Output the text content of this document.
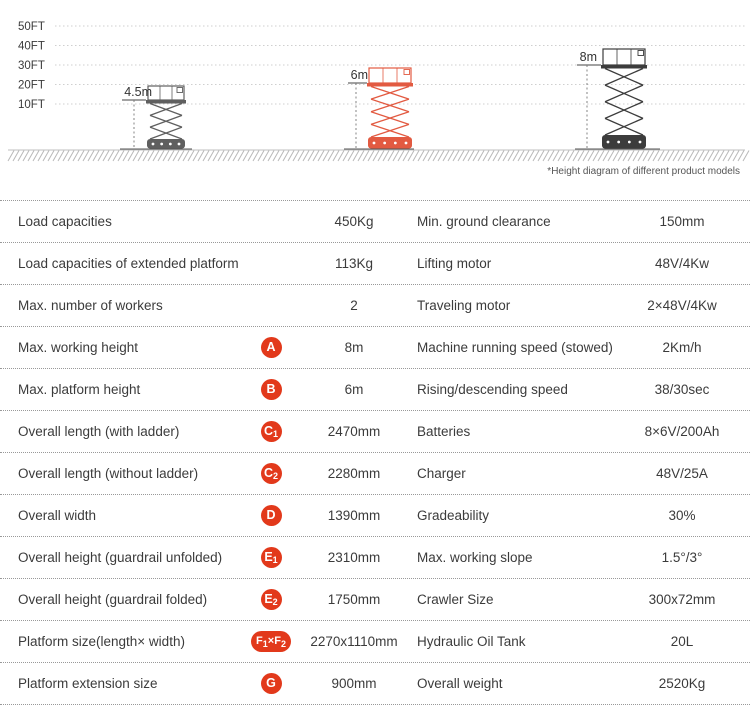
50FT
40FT
30FT
20FT
10FT
4.5m
6m
8m
*Height diagram of different product models
Load capacities	450Kg	Min. ground clearance	150mm
Load capacities of extended platform	113Kg	Lifting motor	48V/4Kw
Max. number of workers	2	Traveling motor	2×48V/4Kw
Max. working height	A	8m	Machine running speed (stowed)	2Km/h
Max. platform height	B	6m	Rising/descending speed	38/30sec
Overall length (with ladder)	C 1	2470mm	Batteries	8×6V/200Ah
Overall length (without ladder)	C 2	2280mm	Charger	48V/25A
Overall width	D	1390mm	Gradeability	30%
Overall height (guardrail unfolded)	E 1	2310mm	Max. working slope	1.5°/3°
Overall height (guardrail folded)	E 2	1750mm	Crawler Size	300x72mm
Platform size(length× width)	F 1 ×F 2	2270x1110mm	Hydraulic Oil Tank	20L
Platform extension size	G	900mm	Overall weight	2520Kg
